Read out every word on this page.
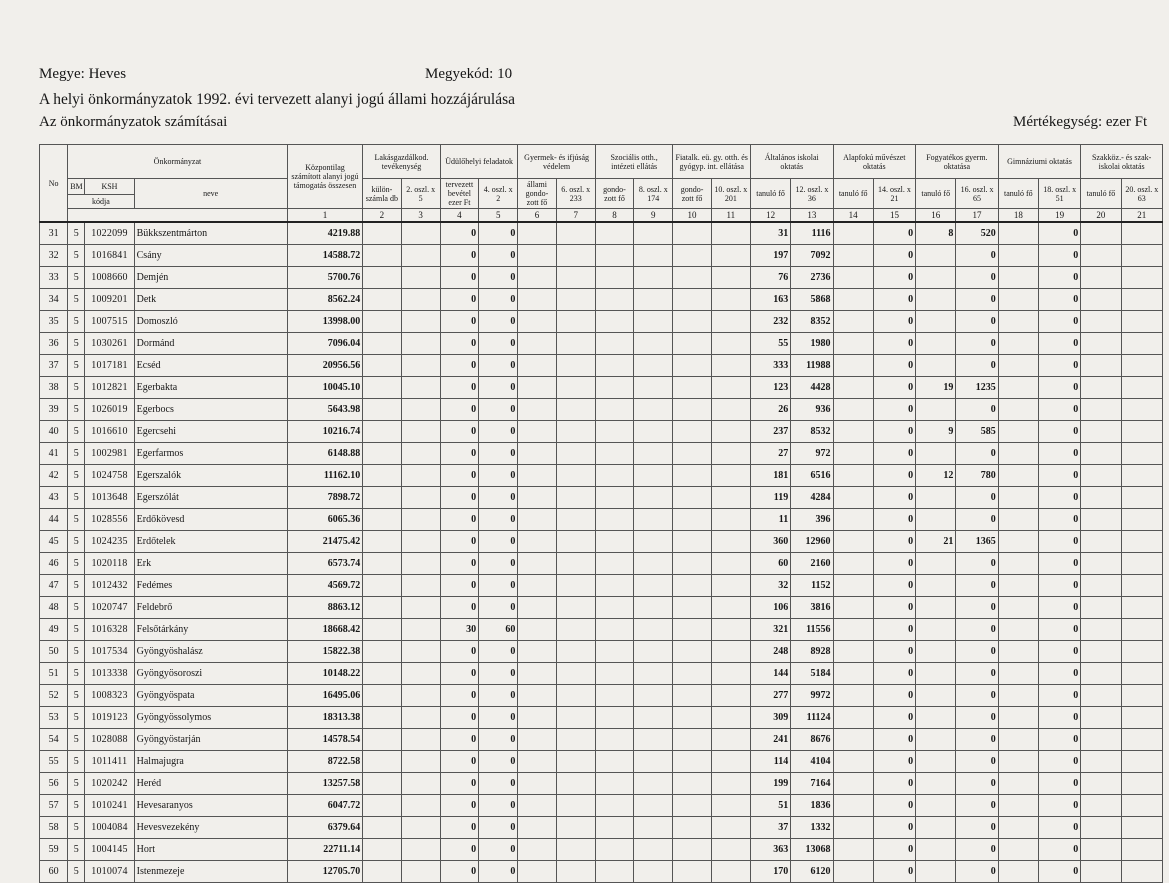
Megye: Heves	Megyekód: 10
A helyi önkormányzatok 1992. évi tervezett alanyi jogú állami hozzájárulása
Az önkormányzatok számításai	Mértékegység: ezer Ft
No	Önkormányzat			Központilag számított alanyi jogú támogatás összesen	Lakásgazdálkod. tevékenység		Üdülőhelyi feladatok		Gyermek- és ifjúság védelem		Szociális otth., intézeti ellátás		Fiatalk. eü. gy. otth. és gyógyp. int. ellátása		Általános iskolai oktatás		Alapfokú művészet oktatás		Fogyatékos gyerm. oktatása		Gimnáziumi oktatás		Szakköz.- és szak- iskolai oktatás	
	BM	KSH	neve		külön- számla db	2. oszl. x 5	tervezett bevétel ezer Ft	4. oszl. x 2	állami gondo- zott fő	6. oszl. x 233	gondo- zott fő	8. oszl. x 174	gondo- zott fő	10. oszl. x 201	tanuló fő	12. oszl. x 36	tanuló fő	14. oszl. x 21	tanuló fő	16. oszl. x 65	tanuló fő	18. oszl. x 51	tanuló fő	20. oszl. x 63
	kódja																							
				1	2	3	4	5	6	7	8	9	10	11	12	13	14	15	16	17	18	19	20	21
31	5	1022099	Bükkszentmárton	4219.88			0	0							31	1116		0	8	520		0		
32	5	1016841	Csány	14588.72			0	0							197	7092		0		0		0		
33	5	1008660	Demjén	5700.76			0	0							76	2736		0		0		0		
34	5	1009201	Detk	8562.24			0	0							163	5868		0		0		0		
35	5	1007515	Domoszló	13998.00			0	0							232	8352		0		0		0		
36	5	1030261	Dormánd	7096.04			0	0							55	1980		0		0		0		
37	5	1017181	Ecséd	20956.56			0	0							333	11988		0		0		0		
38	5	1012821	Egerbakta	10045.10			0	0							123	4428		0	19	1235		0		
39	5	1026019	Egerbocs	5643.98			0	0							26	936		0		0		0		
40	5	1016610	Egercsehi	10216.74			0	0							237	8532		0	9	585		0		
41	5	1002981	Egerfarmos	6148.88			0	0							27	972		0		0		0		
42	5	1024758	Egerszalók	11162.10			0	0							181	6516		0	12	780		0		
43	5	1013648	Egerszólát	7898.72			0	0							119	4284		0		0		0		
44	5	1028556	Erdőkövesd	6065.36			0	0							11	396		0		0		0		
45	5	1024235	Erdőtelek	21475.42			0	0							360	12960		0	21	1365		0		
46	5	1020118	Erk	6573.74			0	0							60	2160		0		0		0		
47	5	1012432	Fedémes	4569.72			0	0							32	1152		0		0		0		
48	5	1020747	Feldebrő	8863.12			0	0							106	3816		0		0		0		
49	5	1016328	Felsőtárkány	18668.42			30	60							321	11556		0		0		0		
50	5	1017534	Gyöngyöshalász	15822.38			0	0							248	8928		0		0		0		
51	5	1013338	Gyöngyösoroszi	10148.22			0	0							144	5184		0		0		0		
52	5	1008323	Gyöngyöspata	16495.06			0	0							277	9972		0		0		0		
53	5	1019123	Gyöngyössolymos	18313.38			0	0							309	11124		0		0		0		
54	5	1028088	Gyöngyöstarján	14578.54			0	0							241	8676		0		0		0		
55	5	1011411	Halmajugra	8722.58			0	0							114	4104		0		0		0		
56	5	1020242	Heréd	13257.58			0	0							199	7164		0		0		0		
57	5	1010241	Hevesaranyos	6047.72			0	0							51	1836		0		0		0		
58	5	1004084	Hevesvezekény	6379.64			0	0							37	1332		0		0		0		
59	5	1004145	Hort	22711.14			0	0							363	13068		0		0		0		
60	5	1010074	Istenmezeje	12705.70			0	0							170	6120		0		0		0		
